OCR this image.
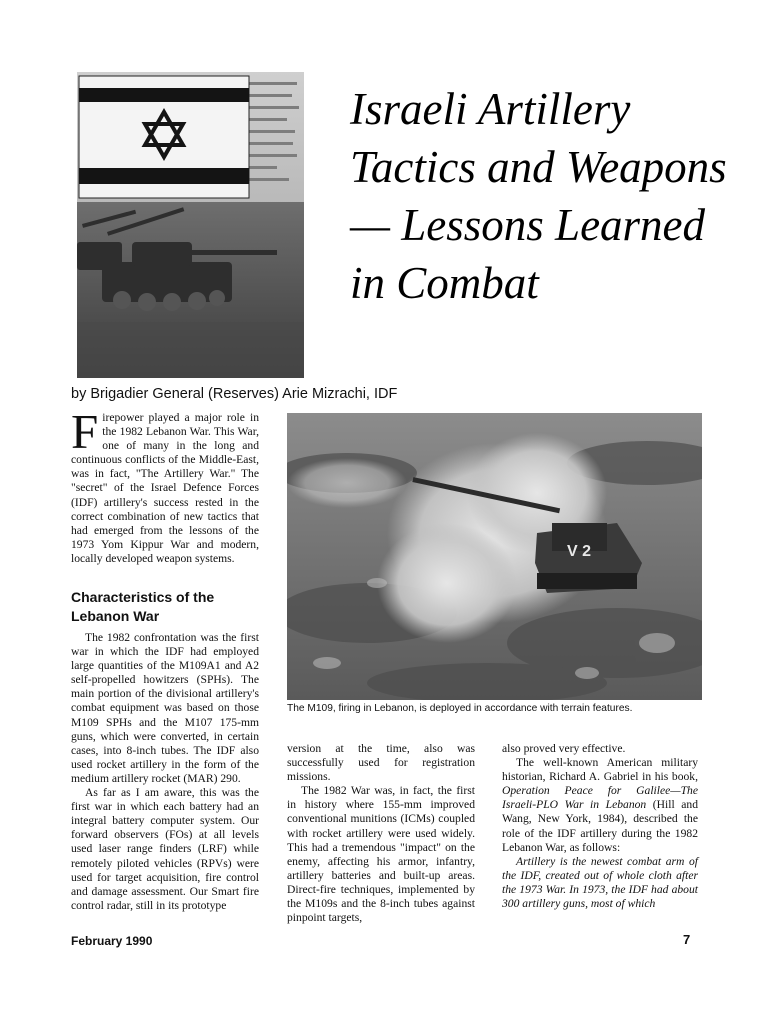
Israeli Artillery Tactics and Weapons— Lessons Learned in Combat
by Brigadier General (Reserves) Arie Mizrachi, IDF
Firepower played a major role in the 1982 Lebanon War. This War, one of many in the long and continuous conflicts of the Middle-East, was in fact, "The Artillery War." The "secret" of the Israel Defence Forces (IDF) artillery's success rested in the correct combination of new tactics that had emerged from the lessons of the 1973 Yom Kippur War and modern, locally developed weapon systems.
Characteristics of the Lebanon War

The 1982 confrontation was the first war in which the IDF had employed large quantities of the M109A1 and A2 self-propelled howitzers (SPHs). The main portion of the divisional artillery's combat equipment was based on those M109 SPHs and the M107 175-mm guns, which were converted, in certain cases, into 8-inch tubes. The IDF also used rocket artillery in the form of the medium artillery rocket (MAR) 290.

As far as I am aware, this was the first war in which each battery had an integral battery computer system. Our forward observers (FOs) at all levels used laser range finders (LRF) while remotely piloted vehicles (RPVs) were used for target acquisition, fire control and damage assessment. Our Smart fire control radar, still in its prototype

V 2
The M109, firing in Lebanon, is deployed in accordance with terrain features.

version at the time, also was successfully used for registration missions.

The 1982 War was, in fact, the first in history where 155-mm improved conventional munitions (ICMs) coupled with rocket artillery were used widely. This had a tremendous "impact" on the enemy, affecting his armor, infantry, artillery batteries and built-up areas. Direct-fire techniques, implemented by the M109s and the 8-inch tubes against pinpoint targets,

also proved very effective.

The well-known American military historian, Richard A. Gabriel in his book, Operation Peace for Galilee—The Israeli-PLO War in Lebanon (Hill and Wang, New York, 1984), described the role of the IDF artillery during the 1982 Lebanon War, as follows:

Artillery is the newest combat arm of the IDF, created out of whole cloth after the 1973 War. In 1973, the IDF had about 300 artillery guns, most of which

February 1990	7
